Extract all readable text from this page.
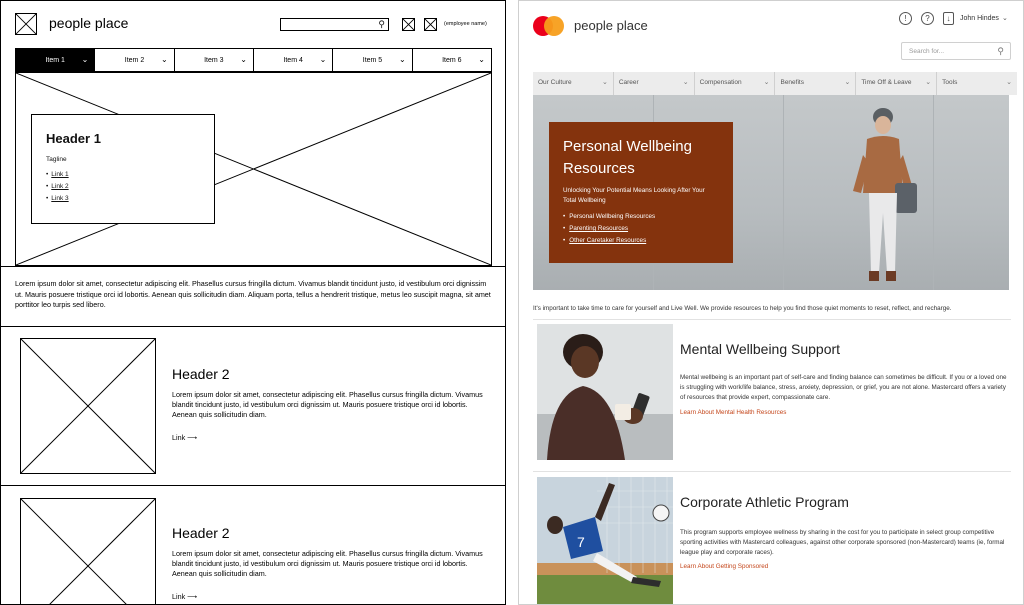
people place	⚲	(employee name)
Item 1 ⌄	Item 2 ⌄	Item 3 ⌄	Item 4 ⌄	Item 5 ⌄	Item 6 ⌄
Header 1
Tagline
• Link 1
• Link 2
• Link 3
Lorem ipsum dolor sit amet, consectetur adipiscing elit. Phasellus cursus fringilla dictum. Vivamus blandit tincidunt justo, id vestibulum orci dignissim ut. Mauris posuere tristique orci id lobortis. Aenean quis sollicitudin diam. Aliquam porta, tellus a hendrerit tristique, metus leo suscipit magna, sit amet porttitor leo turpis sed libero.
Header 2
Lorem ipsum dolor sit amet, consectetur adipiscing elit. Phasellus cursus fringilla dictum. Vivamus blandit tincidunt justo, id vestibulum orci dignissim ut. Mauris posuere tristique orci id lobortis. Aenean quis sollicitudin diam.
Link ⟶
Header 2
Lorem ipsum dolor sit amet, consectetur adipiscing elit. Phasellus cursus fringilla dictum. Vivamus blandit tincidunt justo, id vestibulum orci dignissim ut. Mauris posuere tristique orci id lobortis. Aenean quis sollicitudin diam.
Link ⟶
people place	!	?	↓	John Hindes ⌄
Search for...	⚲
Our Culture	⌄	Career	⌄	Compensation	⌄	Benefits	⌄	Time Off & Leave ⌄	Tools	⌄
Personal Wellbeing Resources
Unlocking Your Potential Means Looking After Your Total Wellbeing
• Personal Wellbeing Resources
• Parenting Resources
• Other Caretaker Resources
It's important to take time to care for yourself and Live Well. We provide resources to help you find those quiet moments to reset, reflect, and recharge.
Mental Wellbeing Support
Mental wellbeing is an important part of self-care and finding balance can sometimes be difficult. If you or a loved one is struggling with work/life balance, stress, anxiety, depression, or grief, you are not alone. Mastercard offers a variety of resources that provide expert, compassionate care.
Learn About Mental Health Resources
7
Corporate Athletic Program
This program supports employee wellness by sharing in the cost for you to participate in select group competitive sporting activities with Mastercard colleagues, against other corporate sponsored (non-Mastercard) teams (ie, formal league play and corporate races).
Learn About Getting Sponsored
